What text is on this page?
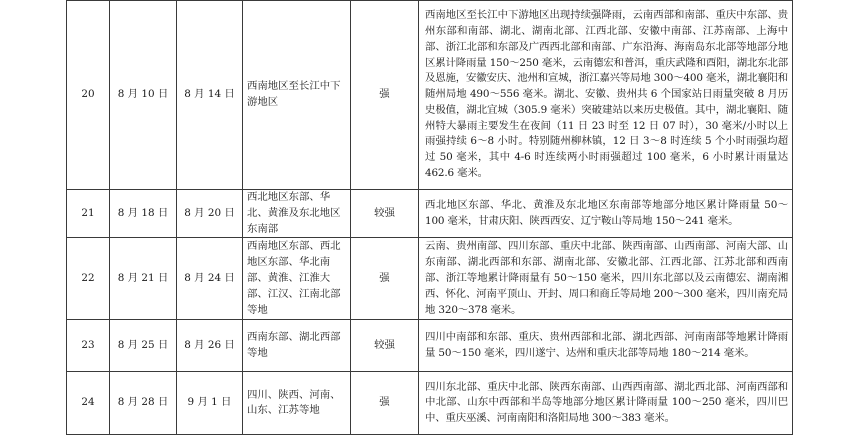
20	8 月 10 日	8 月 14 日	西南地区至长江中下游地区	强	西南地区至长江中下游地区出现持续强降雨，云南西部和南部、重庆中东部、贵州东部和南部、湖北、湖南北部、江西北部、安徽中南部、江苏南部、上海中部、浙江北部和东部及广西西北部和南部、广东沿海、海南岛东北部等地部分地区累计降雨量 150～250 毫米，云南德宏和普洱，重庆武隆和酉阳，湖北东北部及恩施，安徽安庆、池州和宣城，浙江嘉兴等局地 300～400 毫米，湖北襄阳和随州局地 490～556 毫米。湖北、安徽、贵州共 6 个国家站日雨量突破 8 月历史极值，湖北宜城（305.9 毫米）突破建站以来历史极值。其中，湖北襄阳、随州特大暴雨主要发生在夜间（11 日 23 时至 12 日 07 时），30 毫米/小时以上雨强持续 6～8 小时。特别随州柳林镇，12 日 3～8 时连续 5 个小时雨强均超过 50 毫米，其中 4-6 时连续两小时雨强超过 100 毫米，6 小时累计雨量达 462.6 毫米。

21	8 月 18 日	8 月 20 日	西北地区东部、华北、黄淮及东北地区东南部	较强	西北地区东部、华北、黄淮及东北地区东南部等地部分地区累计降雨量 50～100 毫米，甘肃庆阳、陕西西安、辽宁鞍山等局地 150～241 毫米。

22	8 月 21 日	8 月 24 日	西南地区东部、西北地区东部、华北南部、黄淮、江淮大部、江汉、江南北部等地	强	云南、贵州南部、四川东部、重庆中北部、陕西南部、山西南部、河南大部、山东南部、湖北西部和东部、湖南北部、安徽北部、江西北部、江苏北部和西南部、浙江等地累计降雨量有 50～150 毫米，四川东北部以及云南德宏、湖南湘西、怀化、河南平顶山、开封、周口和商丘等局地 200～300 毫米，四川南充局地 320～378 毫米。

23	8 月 25 日	8 月 26 日	西南东部、湖北西部等地	较强	四川中南部和东部、重庆、贵州西部和北部、湖北西部、河南南部等地累计降雨量 50～150 毫米，四川遂宁、达州和重庆北部等局地 180～214 毫米。

24	8 月 28 日	9 月 1 日	四川、陕西、河南、山东、江苏等地	强	四川东北部、重庆中北部、陕西东南部、山西西南部、湖北西北部、河南西部和中北部、山东中西部和半岛等地部分地区累计降雨量 100～250 毫米，四川巴中、重庆巫溪、河南南阳和洛阳局地 300～383 毫米。
